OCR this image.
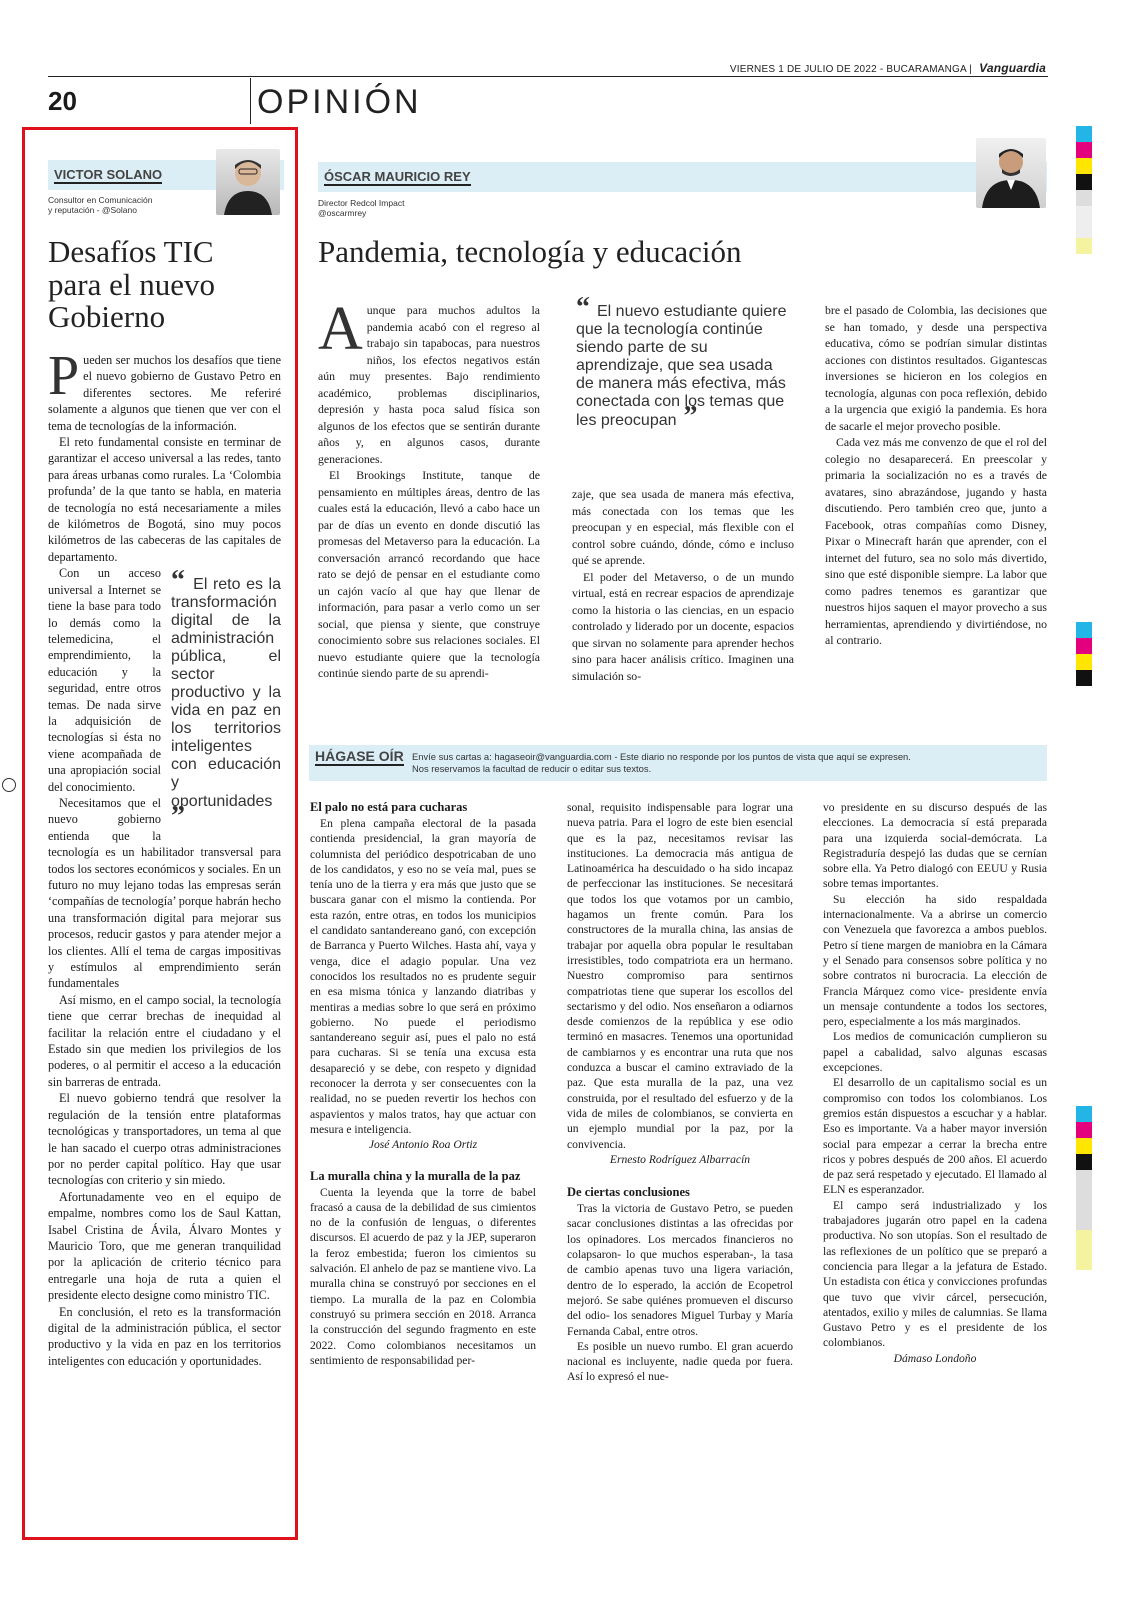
VIERNES 1 DE JULIO DE 2022 - BUCARAMANGA | Vanguardia
20	OPINIÓN
VICTOR SOLANO
Consultor en Comunicación
y reputación - @Solano
Desafíos TIC
para el nuevo
Gobierno

Pueden ser muchos los desafíos que tiene el nuevo gobierno de Gustavo Petro en diferentes sectores. Me referiré solamente a algunos que tienen que ver con el tema de tecnologías de la información.

El reto fundamental consiste en terminar de garantizar el acceso universal a las redes, tanto para áreas urbanas como rurales. La ‘Colombia profunda’ de la que tanto se habla, en materia de tecnología no está necesariamente a miles de kilómetros de Bogotá, sino muy pocos kilómetros de las cabeceras de las capitales de departamento.

“ El reto es la transformación digital de la administración pública, el sector productivo y la vida en paz en los territorios inteligentes con educación y oportunidades ”
Con un acceso universal a Internet se tiene la base para todo lo demás como la telemedicina, el emprendimiento, la educación y la seguridad, entre otros temas. De nada sirve la adquisición de tecnologías si ésta no viene acompañada de una apropiación social del conocimiento.

Necesitamos que el nuevo gobierno entienda que la tecnología es un habilitador transversal para todos los sectores económicos y sociales. En un futuro no muy lejano todas las empresas serán ‘compañías de tecnología’ porque habrán hecho una transformación digital para mejorar sus procesos, reducir gastos y para atender mejor a los clientes. Allí el tema de cargas impositivas y estímulos al emprendimiento serán fundamentales

Así mismo, en el campo social, la tecnología tiene que cerrar brechas de inequidad al facilitar la relación entre el ciudadano y el Estado sin que medien los privilegios de los poderes, o al permitir el acceso a la educación sin barreras de entrada.

El nuevo gobierno tendrá que resolver la regulación de la tensión entre plataformas tecnológicas y transportadores, un tema al que le han sacado el cuerpo otras administraciones por no perder capital político. Hay que usar tecnologías con criterio y sin miedo.

Afortunadamente veo en el equipo de empalme, nombres como los de Saul Kattan, Isabel Cristina de Ávila, Álvaro Montes y Mauricio Toro, que me generan tranquilidad por la aplicación de criterio técnico para entregarle una hoja de ruta a quien el presidente electo designe como ministro TIC.

En conclusión, el reto es la transformación digital de la administración pública, el sector productivo y la vida en paz en los territorios inteligentes con educación y oportunidades.

ÓSCAR MAURICIO REY
Director Redcol Impact
@oscarmrey
Pandemia, tecnología y educación

Aunque para muchos adultos la pandemia acabó con el regreso al trabajo sin tapabocas, para nuestros niños, los efectos negativos están aún muy presentes. Bajo rendimiento académico, problemas disciplinarios, depresión y hasta poca salud física son algunos de los efectos que se sentirán durante años y, en algunos casos, durante generaciones.

El Brookings Institute, tanque de pensamiento en múltiples áreas, dentro de las cuales está la educación, llevó a cabo hace un par de días un evento en donde discutió las promesas del Metaverso para la educación. La conversación arrancó recordando que hace rato se dejó de pensar en el estudiante como un cajón vacío al que hay que llenar de información, para pasar a verlo como un ser social, que piensa y siente, que construye conocimiento sobre sus relaciones sociales. El nuevo estudiante quiere que la tecnología continúe siendo parte de su aprendi-

“ El nuevo estudiante quiere que la tecnología continúe siendo parte de su aprendizaje, que sea usada de manera más efectiva, más conectada con los temas que les preocupan ”

zaje, que sea usada de manera más efectiva, más conectada con los temas que les preocupan y en especial, más flexible con el control sobre cuándo, dónde, cómo e incluso qué se aprende.

El poder del Metaverso, o de un mundo virtual, está en recrear espacios de aprendizaje como la historia o las ciencias, en un espacio controlado y liderado por un docente, espacios que sirvan no solamente para aprender hechos sino para hacer análisis crítico. Imaginen una simulación so-

bre el pasado de Colombia, las decisiones que se han tomado, y desde una perspectiva educativa, cómo se podrían simular distintas acciones con distintos resultados. Gigantescas inversiones se hicieron en los colegios en tecnología, algunas con poca reflexión, debido a la urgencia que exigió la pandemia. Es hora de sacarle el mejor provecho posible.

Cada vez más me convenzo de que el rol del colegio no desaparecerá. En preescolar y primaria la socialización no es a través de avatares, sino abrazándose, jugando y hasta discutiendo. Pero también creo que, junto a Facebook, otras compañías como Disney, Pixar o Minecraft harán que aprender, con el internet del futuro, sea no solo más divertido, sino que esté disponible siempre. La labor que como padres tenemos es garantizar que nuestros hijos saquen el mayor provecho a sus herramientas, aprendiendo y divirtiéndose, no al contrario.

HÁGASE OÍR Envíe sus cartas a: hagaseoir@vanguardia.com - Este diario no responde por los puntos de vista que aquí se expresen.
Nos reservamos la facultad de reducir o editar sus textos.
El palo no está para cucharas

En plena campaña electoral de la pasada contienda presidencial, la gran mayoría de columnista del periódico despotricaban de uno de los candidatos, y eso no se veía mal, pues se tenía uno de la tierra y era más que justo que se buscara ganar con el mismo la contienda. Por esta razón, entre otras, en todos los municipios el candidato santandereano ganó, con excepción de Barranca y Puerto Wilches. Hasta ahí, vaya y venga, dice el adagio popular. Una vez conocidos los resultados no es prudente seguir en esa misma tónica y lanzando diatribas y mentiras a medias sobre lo que será en próximo gobierno. No puede el periodismo santandereano seguir así, pues el palo no está para cucharas. Si se tenía una excusa esta desapareció y se debe, con respeto y dignidad reconocer la derrota y ser consecuentes con la realidad, no se pueden revertir los hechos con aspavientos y malos tratos, hay que actuar con mesura e inteligencia.

José Antonio Roa Ortiz

La muralla china y la muralla de la paz

Cuenta la leyenda que la torre de babel fracasó a causa de la debilidad de sus cimientos no de la confusión de lenguas, o diferentes discursos. El acuerdo de paz y la JEP, superaron la feroz embestida; fueron los cimientos su salvación. El anhelo de paz se mantiene vivo. La muralla china se construyó por secciones en el tiempo. La muralla de la paz en Colombia construyó su primera sección en 2018. Arranca la construcción del segundo fragmento en este 2022. Como colombianos necesitamos un sentimiento de responsabilidad per-

sonal, requisito indispensable para lograr una nueva patria. Para el logro de este bien esencial que es la paz, necesitamos revisar las instituciones. La democracia más antigua de Latinoamérica ha descuidado o ha sido incapaz de perfeccionar las instituciones. Se necesitará que todos los que votamos por un cambio, hagamos un frente común. Para los constructores de la muralla china, las ansias de trabajar por aquella obra popular le resultaban irresistibles, todo compatriota era un hermano. Nuestro compromiso para sentirnos compatriotas tiene que superar los escollos del sectarismo y del odio. Nos enseñaron a odiarnos desde comienzos de la república y ese odio terminó en masacres. Tenemos una oportunidad de cambiarnos y es encontrar una ruta que nos conduzca a buscar el camino extraviado de la paz. Que esta muralla de la paz, una vez construida, por el resultado del esfuerzo y de la vida de miles de colombianos, se convierta en un ejemplo mundial por la paz, por la convivencia.

Ernesto Rodríguez Albarracín

De ciertas conclusiones

Tras la victoria de Gustavo Petro, se pueden sacar conclusiones distintas a las ofrecidas por los opinadores. Los mercados financieros no colapsaron- lo que muchos esperaban-, la tasa de cambio apenas tuvo una ligera variación, dentro de lo esperado, la acción de Ecopetrol mejoró. Se sabe quiénes promueven el discurso del odio- los senadores Miguel Turbay y María Fernanda Cabal, entre otros.

Es posible un nuevo rumbo. El gran acuerdo nacional es incluyente, nadie queda por fuera. Así lo expresó el nue-

vo presidente en su discurso después de las elecciones. La democracia sí está preparada para una izquierda social-demócrata. La Registraduría despejó las dudas que se cernían sobre ella. Ya Petro dialogó con EEUU y Rusia sobre temas importantes.

Su elección ha sido respaldada internacionalmente. Va a abrirse un comercio con Venezuela que favorezca a ambos pueblos. Petro sí tiene margen de maniobra en la Cámara y el Senado para consensos sobre política y no sobre contratos ni burocracia. La elección de Francia Márquez como vice- presidente envía un mensaje contundente a todos los sectores, pero, especialmente a los más marginados.

Los medios de comunicación cumplieron su papel a cabalidad, salvo algunas escasas excepciones.

El desarrollo de un capitalismo social es un compromiso con todos los colombianos. Los gremios están dispuestos a escuchar y a hablar. Eso es importante. Va a haber mayor inversión social para empezar a cerrar la brecha entre ricos y pobres después de 200 años. El acuerdo de paz será respetado y ejecutado. El llamado al ELN es esperanzador.

El campo será industrializado y los trabajadores jugarán otro papel en la cadena productiva. No son utopías. Son el resultado de las reflexiones de un político que se preparó a conciencia para llegar a la jefatura de Estado. Un estadista con ética y convicciones profundas que tuvo que vivir cárcel, persecución, atentados, exilio y miles de calumnias. Se llama Gustavo Petro y es el presidente de los colombianos.

Dámaso Londoño
